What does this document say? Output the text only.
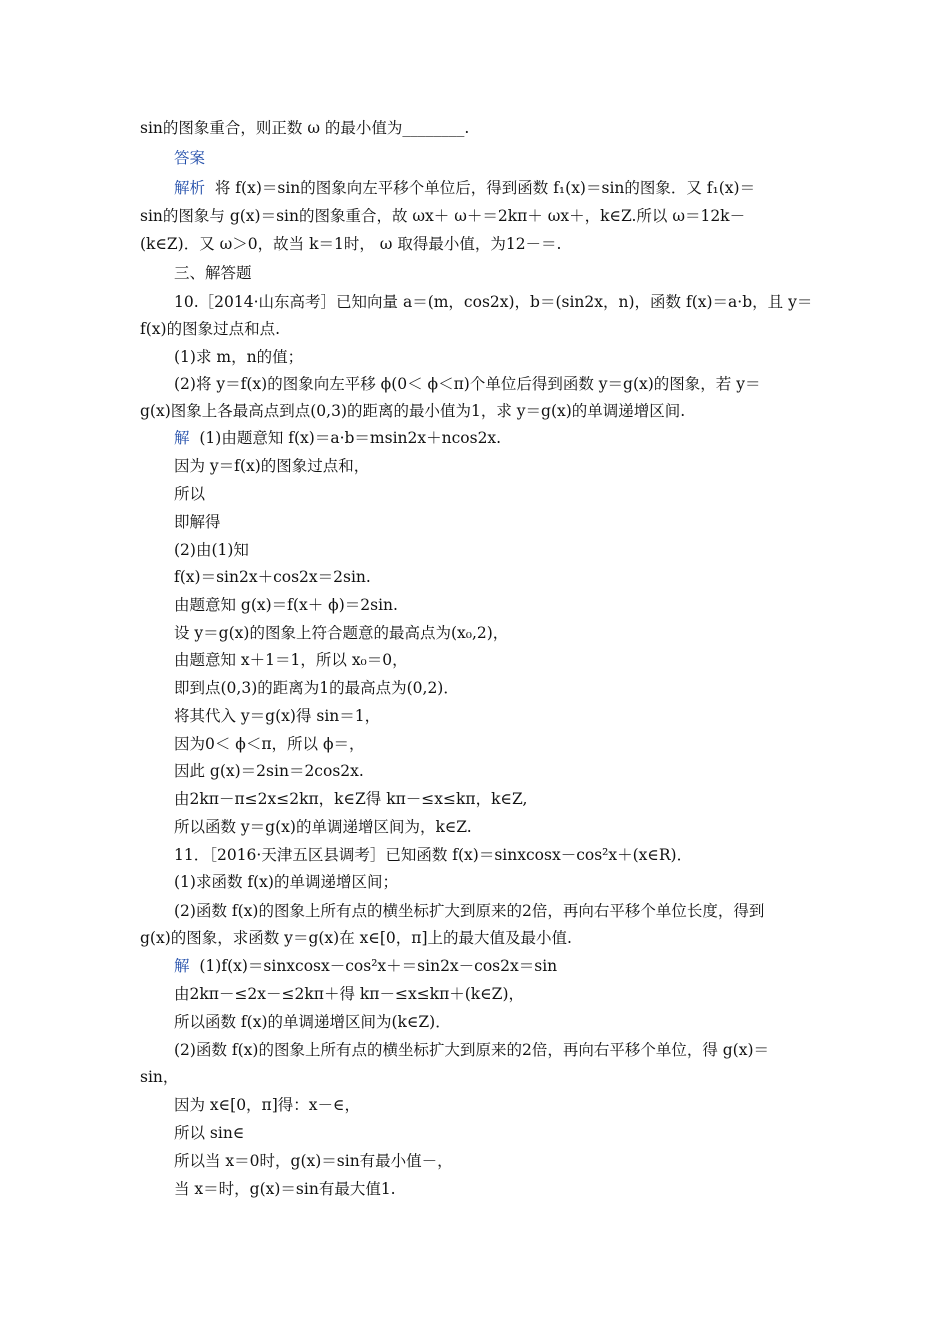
sin的图象重合，则正数 ω 的最小值为________.
答案
解析 将 f(x)＝sin的图象向左平移个单位后，得到函数 f₁(x)＝sin的图象．又 f₁(x)＝
sin的图象与 g(x)＝sin的图象重合，故 ωx＋ ω＋＝2kπ＋ ωx＋，k∈Z.所以 ω＝12k－
(k∈Z)．又 ω＞0，故当 k＝1时， ω 取得最小值，为12－＝.
三、解答题
10.［2014·山东高考］已知向量 a＝(m，cos2x)，b＝(sin2x，n)，函数 f(x)＝a·b，且 y＝
f(x)的图象过点和点.
(1)求 m，n的值；
(2)将 y＝f(x)的图象向左平移 ϕ(0＜ ϕ＜π)个单位后得到函数 y＝g(x)的图象，若 y＝
g(x)图象上各最高点到点(0,3)的距离的最小值为1，求 y＝g(x)的单调递增区间.
解 (1)由题意知 f(x)＝a·b＝msin2x＋ncos2x.
因为 y＝f(x)的图象过点和，
所以
即解得
(2)由(1)知
f(x)＝sin2x＋cos2x＝2sin.
由题意知 g(x)＝f(x＋ ϕ)＝2sin.
设 y＝g(x)的图象上符合题意的最高点为(x₀,2)，
由题意知 x＋1＝1，所以 x₀＝0，
即到点(0,3)的距离为1的最高点为(0,2)．
将其代入 y＝g(x)得 sin＝1，
因为0＜ ϕ＜π，所以 ϕ＝，
因此 g(x)＝2sin＝2cos2x.
由2kπ－π≤2x≤2kπ，k∈Z得 kπ－≤x≤kπ，k∈Z,
所以函数 y＝g(x)的单调递增区间为，k∈Z.
11．［2016·天津五区县调考］已知函数 f(x)＝sinxcosx－cos²x＋(x∈R)．
(1)求函数 f(x)的单调递增区间；
(2)函数 f(x)的图象上所有点的横坐标扩大到原来的2倍，再向右平移个单位长度，得到
g(x)的图象，求函数 y＝g(x)在 x∈[0，π]上的最大值及最小值.
解 (1)f(x)＝sinxcosx－cos²x＋＝sin2x－cos2x＝sin
由2kπ－≤2x－≤2kπ＋得 kπ－≤x≤kπ＋(k∈Z)，
所以函数 f(x)的单调递增区间为(k∈Z)．
(2)函数 f(x)的图象上所有点的横坐标扩大到原来的2倍，再向右平移个单位，得 g(x)＝
sin，
因为 x∈[0，π]得：x－∈，
所以 sin∈
所以当 x＝0时，g(x)＝sin有最小值－，
当 x＝时，g(x)＝sin有最大值1.
